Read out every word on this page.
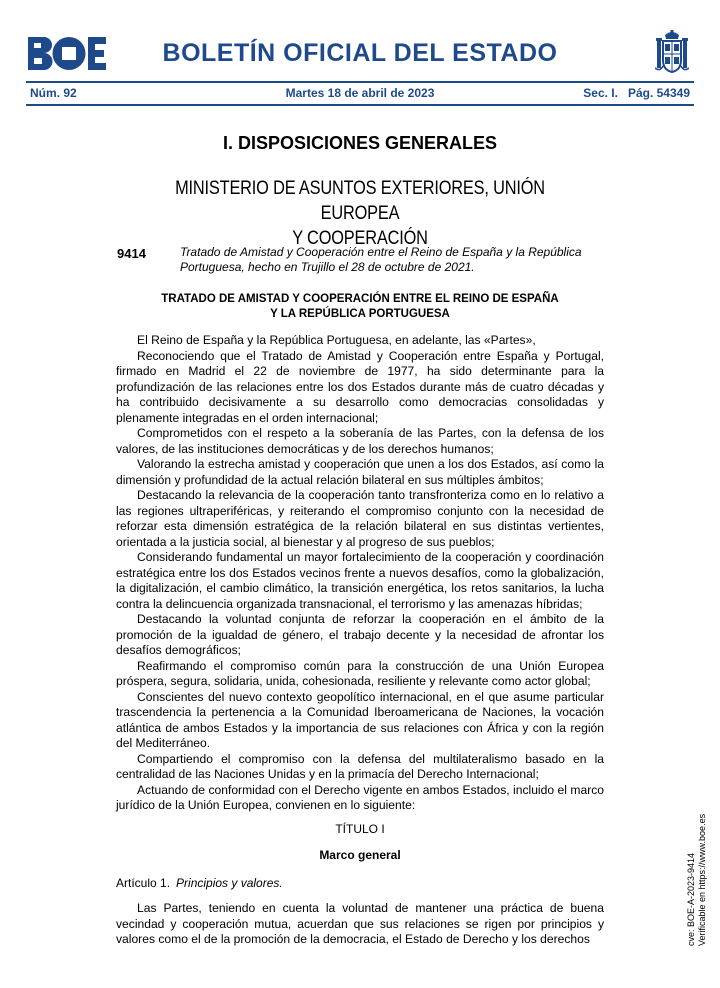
BOLETÍN OFICIAL DEL ESTADO
Núm. 92	Martes 18 de abril de 2023	Sec. I.   Pág. 54349
I. DISPOSICIONES GENERALES
MINISTERIO DE ASUNTOS EXTERIORES, UNIÓN EUROPEA
Y COOPERACIÓN
9414	Tratado de Amistad y Cooperación entre el Reino de España y la República Portuguesa, hecho en Trujillo el 28 de octubre de 2021.
TRATADO DE AMISTAD Y COOPERACIÓN ENTRE EL REINO DE ESPAÑA
Y LA REPÚBLICA PORTUGUESA

El Reino de España y la República Portuguesa, en adelante, las «Partes»,

Reconociendo que el Tratado de Amistad y Cooperación entre España y Portugal, firmado en Madrid el 22 de noviembre de 1977, ha sido determinante para la profundización de las relaciones entre los dos Estados durante más de cuatro décadas y ha contribuido decisivamente a su desarrollo como democracias consolidadas y plenamente integradas en el orden internacional;

Comprometidos con el respeto a la soberanía de las Partes, con la defensa de los valores, de las instituciones democráticas y de los derechos humanos;

Valorando la estrecha amistad y cooperación que unen a los dos Estados, así como la dimensión y profundidad de la actual relación bilateral en sus múltiples ámbitos;

Destacando la relevancia de la cooperación tanto transfronteriza como en lo relativo a las regiones ultraperiféricas, y reiterando el compromiso conjunto con la necesidad de reforzar esta dimensión estratégica de la relación bilateral en sus distintas vertientes, orientada a la justicia social, al bienestar y al progreso de sus pueblos;

Considerando fundamental un mayor fortalecimiento de la cooperación y coordinación estratégica entre los dos Estados vecinos frente a nuevos desafíos, como la globalización, la digitalización, el cambio climático, la transición energética, los retos sanitarios, la lucha contra la delincuencia organizada transnacional, el terrorismo y las amenazas híbridas;

Destacando la voluntad conjunta de reforzar la cooperación en el ámbito de la promoción de la igualdad de género, el trabajo decente y la necesidad de afrontar los desafíos demográficos;

Reafirmando el compromiso común para la construcción de una Unión Europea próspera, segura, solidaria, unida, cohesionada, resiliente y relevante como actor global;

Conscientes del nuevo contexto geopolítico internacional, en el que asume particular trascendencia la pertenencia a la Comunidad Iberoamericana de Naciones, la vocación atlántica de ambos Estados y la importancia de sus relaciones con África y con la región del Mediterráneo.

Compartiendo el compromiso con la defensa del multilateralismo basado en la centralidad de las Naciones Unidas y en la primacía del Derecho Internacional;

Actuando de conformidad con el Derecho vigente en ambos Estados, incluido el marco jurídico de la Unión Europea, convienen en lo siguiente:

TÍTULO I
Marco general
Artículo 1. Principios y valores.

Las Partes, teniendo en cuenta la voluntad de mantener una práctica de buena vecindad y cooperación mutua, acuerdan que sus relaciones se rigen por principios y valores como el de la promoción de la democracia, el Estado de Derecho y los derechos	cve: BOE-A-2023-9414 Verificable en https://www.boe.es
